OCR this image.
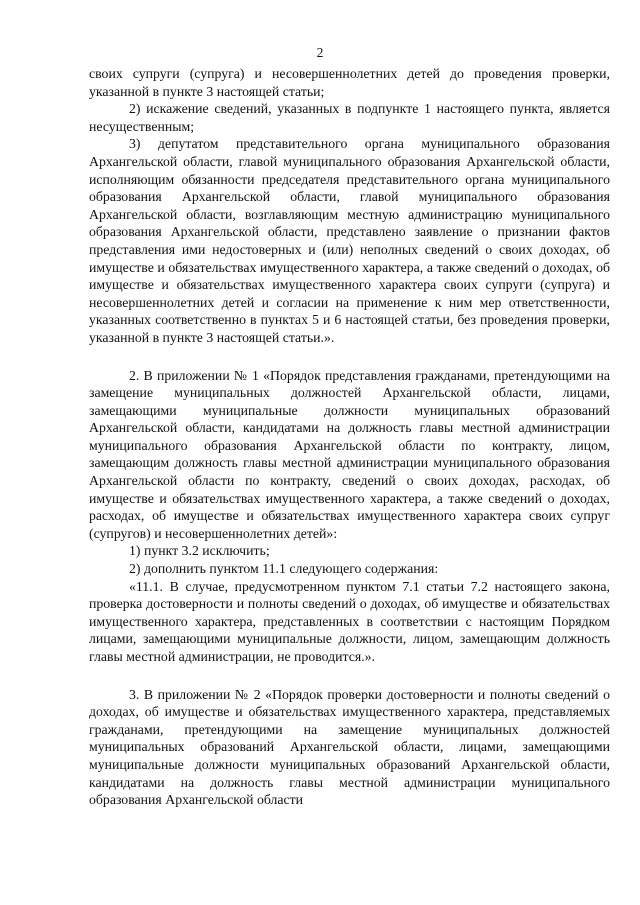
2

своих супруги (супруга) и несовершеннолетних детей до проведения проверки, указанной в пункте 3 настоящей статьи;

2) искажение сведений, указанных в подпункте 1 настоящего пункта, является несущественным;

3) депутатом представительного органа муниципального образования Архангельской области, главой муниципального образования Архангельской области, исполняющим обязанности председателя представительного органа муниципального образования Архангельской области, главой муниципального образования Архангельской области, возглавляющим местную администрацию муниципального образования Архангельской области, представлено заявление о признании фактов представления ими недостоверных и (или) неполных сведений о своих доходах, об имуществе и обязательствах имущественного характера, а также сведений о доходах, об имуществе и обязательствах имущественного характера своих супруги (супруга) и несовершеннолетних детей и согласии на применение к ним мер ответственности, указанных соответственно в пунктах 5 и 6 настоящей статьи, без проведения проверки, указанной в пункте 3 настоящей статьи.».

2. В приложении № 1 «Порядок представления гражданами, претендующими на замещение муниципальных должностей Архангельской области, лицами, замещающими муниципальные должности муниципальных образований Архангельской области, кандидатами на должность главы местной администрации муниципального образования Архангельской области по контракту, лицом, замещающим должность главы местной администрации муниципального образования Архангельской области по контракту, сведений о своих доходах, расходах, об имуществе и обязательствах имущественного характера, а также сведений о доходах, расходах, об имуществе и обязательствах имущественного характера своих супруг (супругов) и несовершеннолетних детей»:

1) пункт 3.2 исключить;

2) дополнить пунктом 11.1 следующего содержания:

«11.1. В случае, предусмотренном пунктом 7.1 статьи 7.2 настоящего закона, проверка достоверности и полноты сведений о доходах, об имуществе и обязательствах имущественного характера, представленных в соответствии с настоящим Порядком лицами, замещающими муниципальные должности, лицом, замещающим должность главы местной администрации, не проводится.».

3. В приложении № 2 «Порядок проверки достоверности и полноты сведений о доходах, об имуществе и обязательствах имущественного характера, представляемых гражданами, претендующими на замещение муниципальных должностей муниципальных образований Архангельской области, лицами, замещающими муниципальные должности муниципальных образований Архангельской области, кандидатами на должность главы местной администрации муниципального образования Архангельской области
